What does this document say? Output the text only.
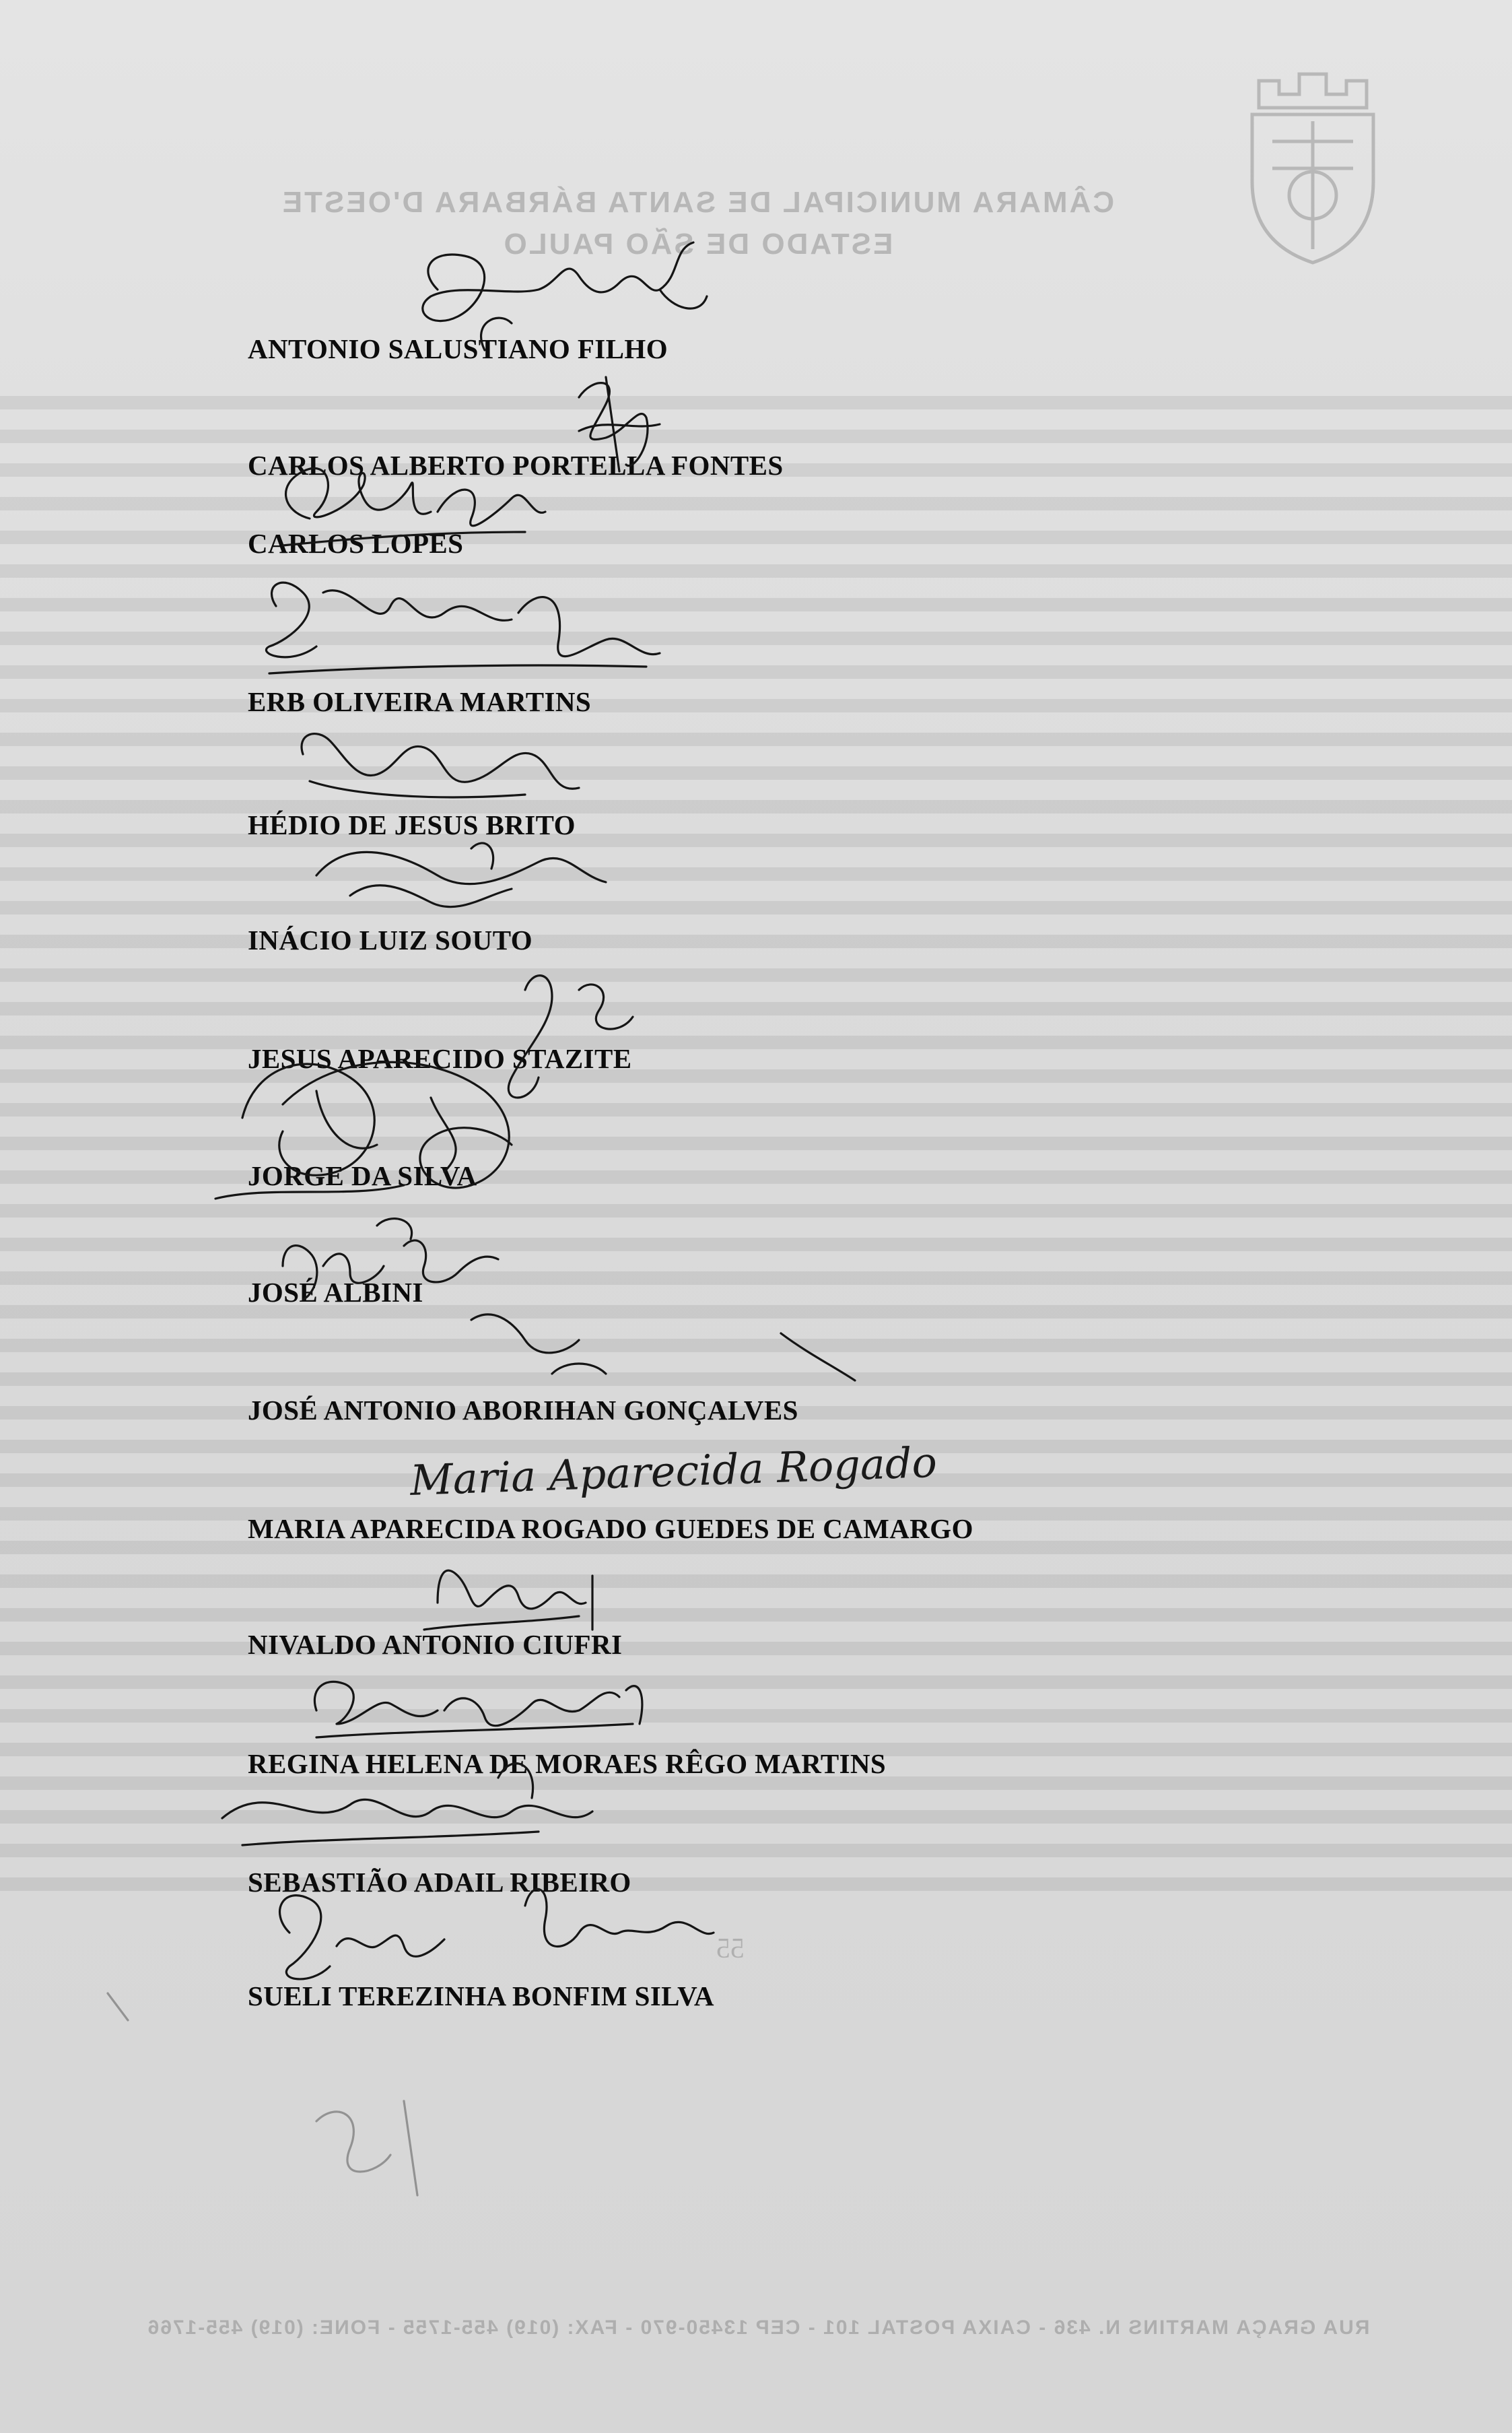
CÂMARA MUNICIPAL DE SANTA BÁRBARA D'OESTE
ESTADO DE SÃO PAULO
55
RUA GRAÇA MARTINS N. 436 - CAIXA POSTAL 101 - CEP 13450-970 - FAX: (019) 455-1755 - FONE: (019) 455-1766
ANTONIO SALUSTIANO FILHO
CARLOS ALBERTO PORTELLA FONTES
CARLOS LOPES
ERB OLIVEIRA MARTINS
HÉDIO DE JESUS BRITO
INÁCIO LUIZ SOUTO
JESUS APARECIDO STAZITE
JORGE DA SILVA
JOSÉ ALBINI
JOSÉ ANTONIO ABORIHAN GONÇALVES
MARIA APARECIDA ROGADO GUEDES DE CAMARGO
NIVALDO ANTONIO CIUFRI
REGINA HELENA DE MORAES RÊGO MARTINS
SEBASTIÃO ADAIL RIBEIRO
SUELI TEREZINHA BONFIM SILVA
Maria Aparecida Rogado
